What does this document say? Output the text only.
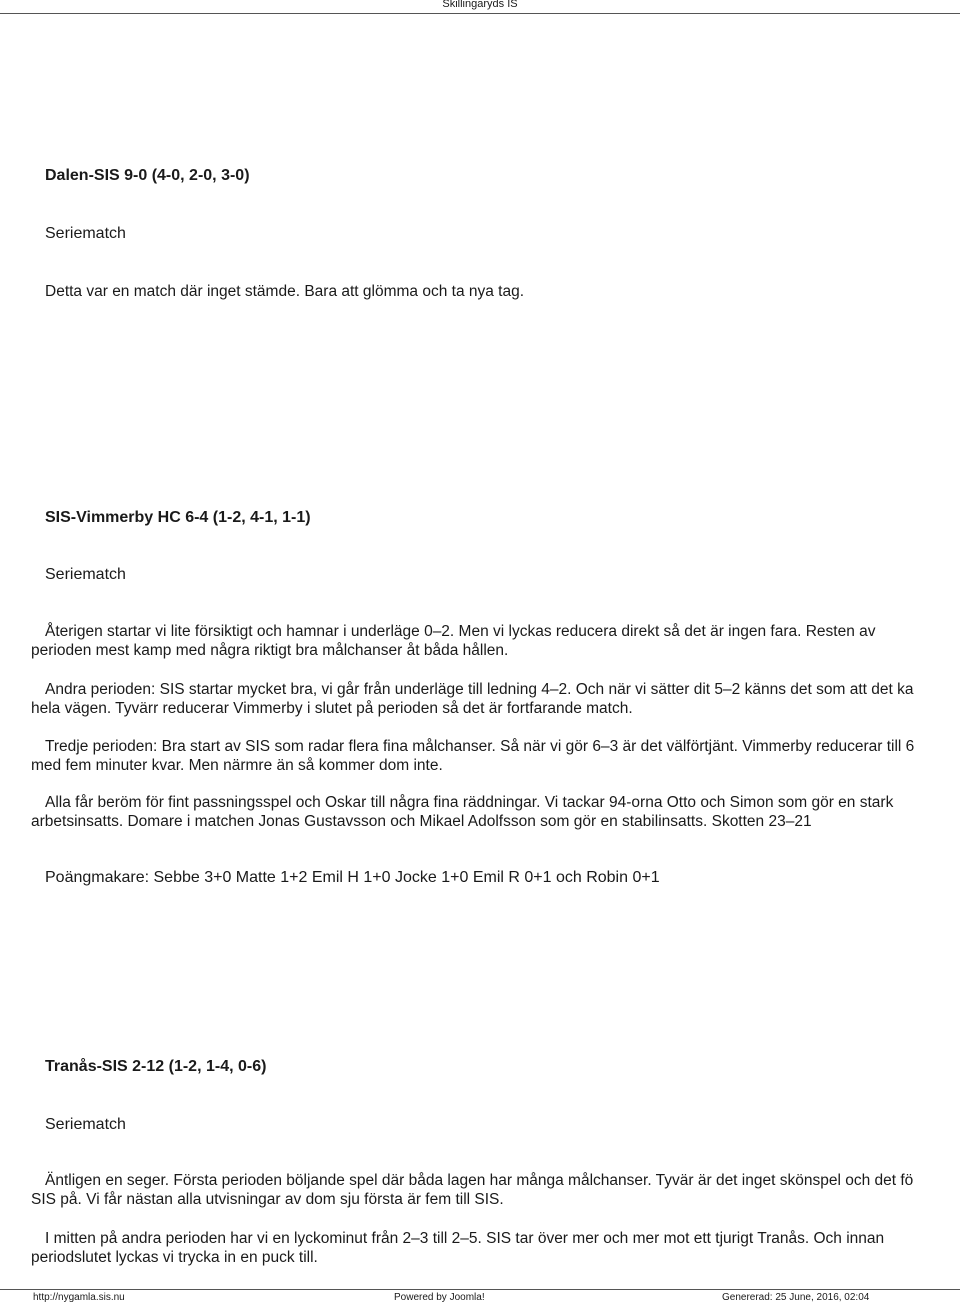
Skillingaryds IS
Dalen-SIS 9-0 (4-0, 2-0, 3-0)
Seriematch

Detta var en match där inget stämde. Bara att glömma och ta nya tag.

SIS-Vimmerby HC 6-4 (1-2, 4-1, 1-1)
Seriematch

Återigen startar vi lite försiktigt och hamnar i underläge 0–2. Men vi lyckas reducera direkt så det är ingen fara. Resten av
perioden mest kamp med några riktigt bra målchanser åt båda hållen.

Andra perioden: SIS startar mycket bra, vi går från underläge till ledning 4–2. Och när vi sätter dit 5–2 känns det som att det ka
hela vägen. Tyvärr reducerar Vimmerby i slutet på perioden så det är fortfarande match.

Tredje perioden: Bra start av SIS som radar flera fina målchanser. Så när vi gör 6–3 är det välförtjänt. Vimmerby reducerar till 6
med fem minuter kvar. Men närmre än så kommer dom inte.

Alla får beröm för fint passningsspel och Oskar till några fina räddningar. Vi tackar 94-orna Otto och Simon som gör en stark
arbetsinsatts. Domare i matchen Jonas Gustavsson och Mikael Adolfsson som gör en stabilinsatts. Skotten 23–21

Poängmakare: Sebbe 3+0 Matte 1+2 Emil H 1+0 Jocke 1+0 Emil R 0+1 och Robin 0+1
Tranås-SIS 2-12 (1-2, 1-4, 0-6)
Seriematch

Äntligen en seger. Första perioden böljande spel där båda lagen har många målchanser. Tyvär är det inget skönspel och det fö
SIS på. Vi får nästan alla utvisningar av dom sju första är fem till SIS.

I mitten på andra perioden har vi en lyckominut från 2–3 till 2–5. SIS tar över mer och mer mot ett tjurigt Tranås. Och innan
periodslutet lyckas vi trycka in en puck till.

http://nygamla.sis.nu	Powered by Joomla!	Genererad: 25 June, 2016, 02:04
